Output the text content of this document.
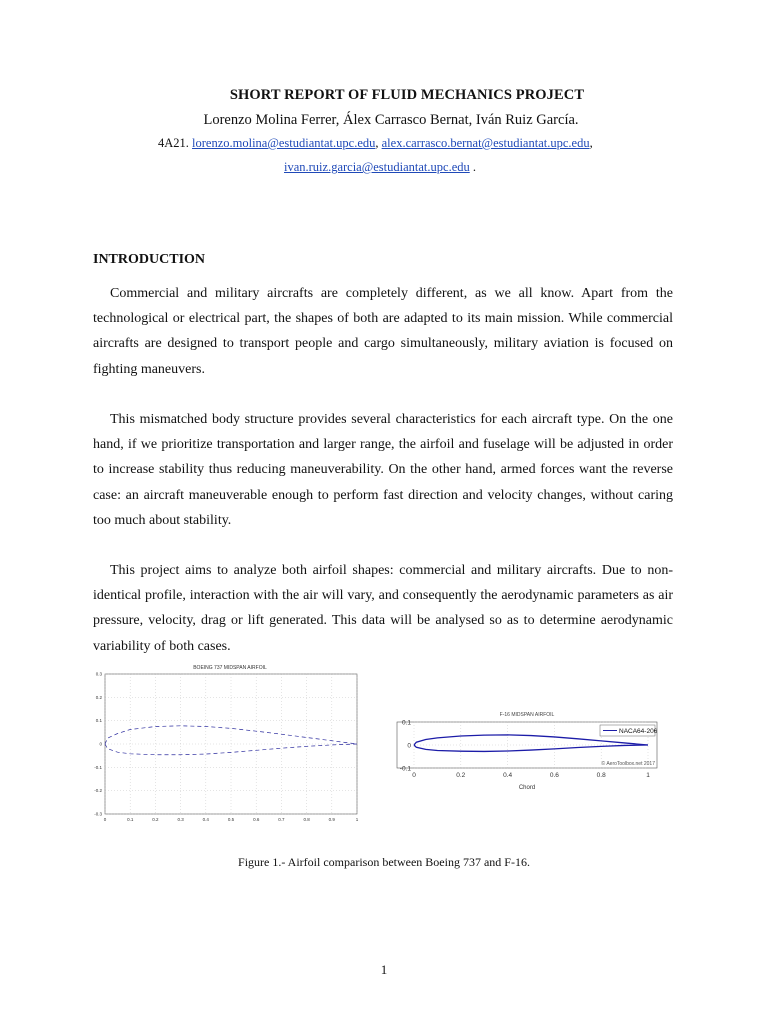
SHORT REPORT OF FLUID MECHANICS PROJECT
Lorenzo Molina Ferrer, Álex Carrasco Bernat, Iván Ruiz García.
4A21. lorenzo.molina@estudiantat.upc.edu, alex.carrasco.bernat@estudiantat.upc.edu,
ivan.ruiz.garcia@estudiantat.upc.edu .
INTRODUCTION

Commercial and military aircrafts are completely different, as we all know. Apart from the technological or electrical part, the shapes of both are adapted to its main mission. While commercial aircrafts are designed to transport people and cargo simultaneously, military aviation is focused on fighting maneuvers.

This mismatched body structure provides several characteristics for each aircraft type. On the one hand, if we prioritize transportation and larger range, the airfoil and fuselage will be adjusted in order to increase stability thus reducing maneuverability. On the other hand, armed forces want the reverse case: an aircraft maneuverable enough to perform fast direction and velocity changes, without caring too much about stability.

This project aims to analyze both airfoil shapes: commercial and military aircrafts. Due to non-identical profile, interaction with the air will vary, and consequently the aerodynamic parameters as air pressure, velocity, drag or lift generated. This data will be analysed so as to determine aerodynamic variability of both cases.

BOEING 737 MIDSPAN AIRFOIL
0	0.1	0.2	0.3	0.4	0.5	0.6	0.7	0.8	0.9	1
0.3
0.2
0.1
0
-0.1
-0.2
-0.3
F-16 MIDSPAN AIRFOIL
0	0.2	0.4	0.6	0.8	1
0.1
0
-0.1
NACA64-206
© AeroToolbox.net 2017
Chord
Figure 1.- Airfoil comparison between Boeing 737 and F-16.
1
